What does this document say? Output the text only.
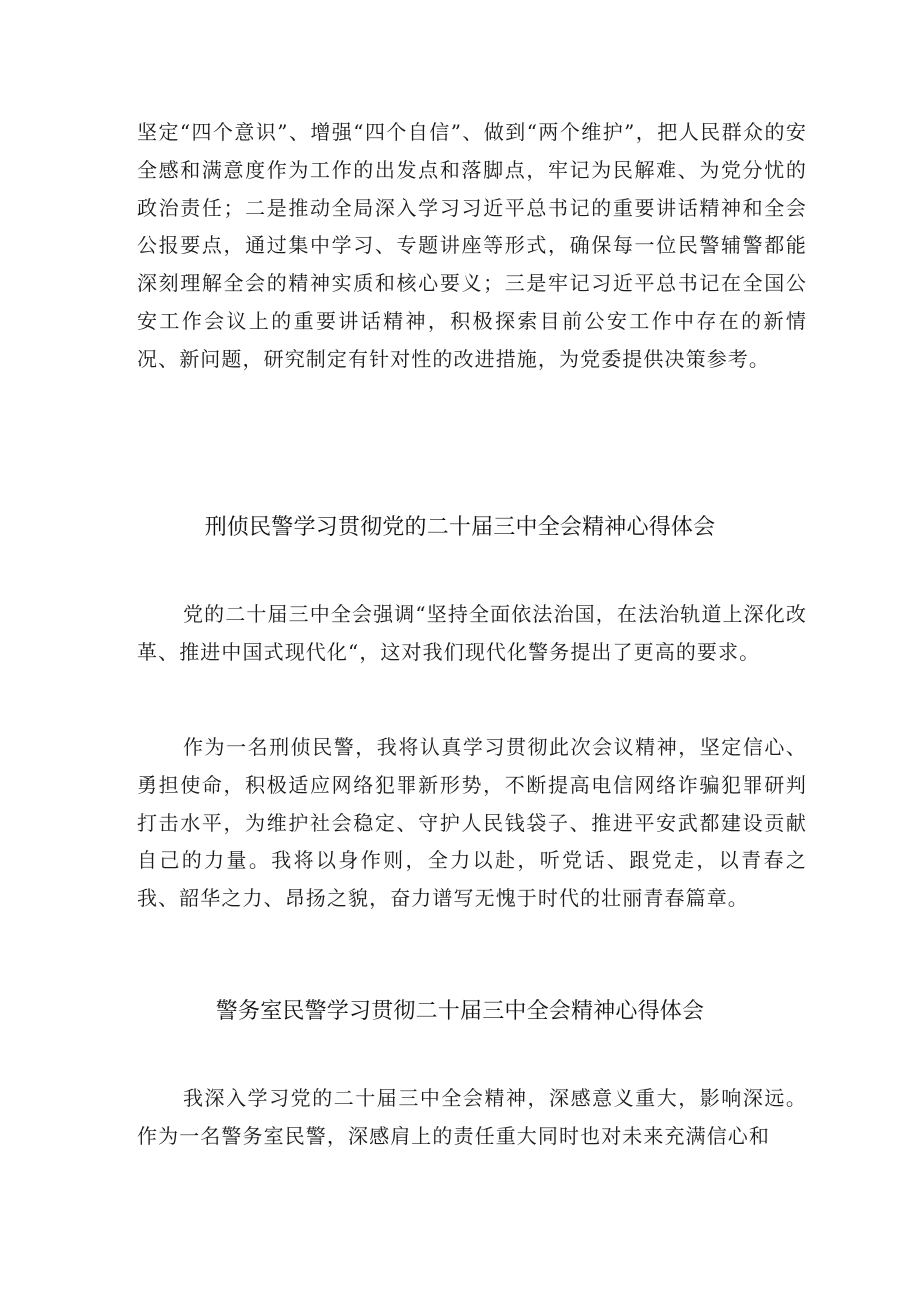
坚定“四个意识”、增强“四个自信”、做到“两个维护”，把人民群众的安全感和满意度作为工作的出发点和落脚点，牢记为民解难、为党分忧的政治责任；二是推动全局深入学习习近平总书记的重要讲话精神和全会公报要点，通过集中学习、专题讲座等形式，确保每一位民警辅警都能深刻理解全会的精神实质和核心要义；三是牢记习近平总书记在全国公安工作会议上的重要讲话精神，积极探索目前公安工作中存在的新情况、新问题，研究制定有针对性的改进措施，为党委提供决策参考。

刑侦民警学习贯彻党的二十届三中全会精神心得体会

党的二十届三中全会强调“坚持全面依法治国，在法治轨道上深化改革、推进中国式现代化“，这对我们现代化警务提出了更高的要求。

作为一名刑侦民警，我将认真学习贯彻此次会议精神，坚定信心、勇担使命，积极适应网络犯罪新形势，不断提高电信网络诈骗犯罪研判打击水平，为维护社会稳定、守护人民钱袋子、推进平安武都建设贡献自己的力量。我将以身作则，全力以赴，听党话、跟党走，以青春之我、韶华之力、昂扬之貌，奋力谱写无愧于时代的壮丽青春篇章。

警务室民警学习贯彻二十届三中全会精神心得体会

我深入学习党的二十届三中全会精神，深感意义重大，影响深远。作为一名警务室民警，深感肩上的责任重大同时也对未来充满信心和
